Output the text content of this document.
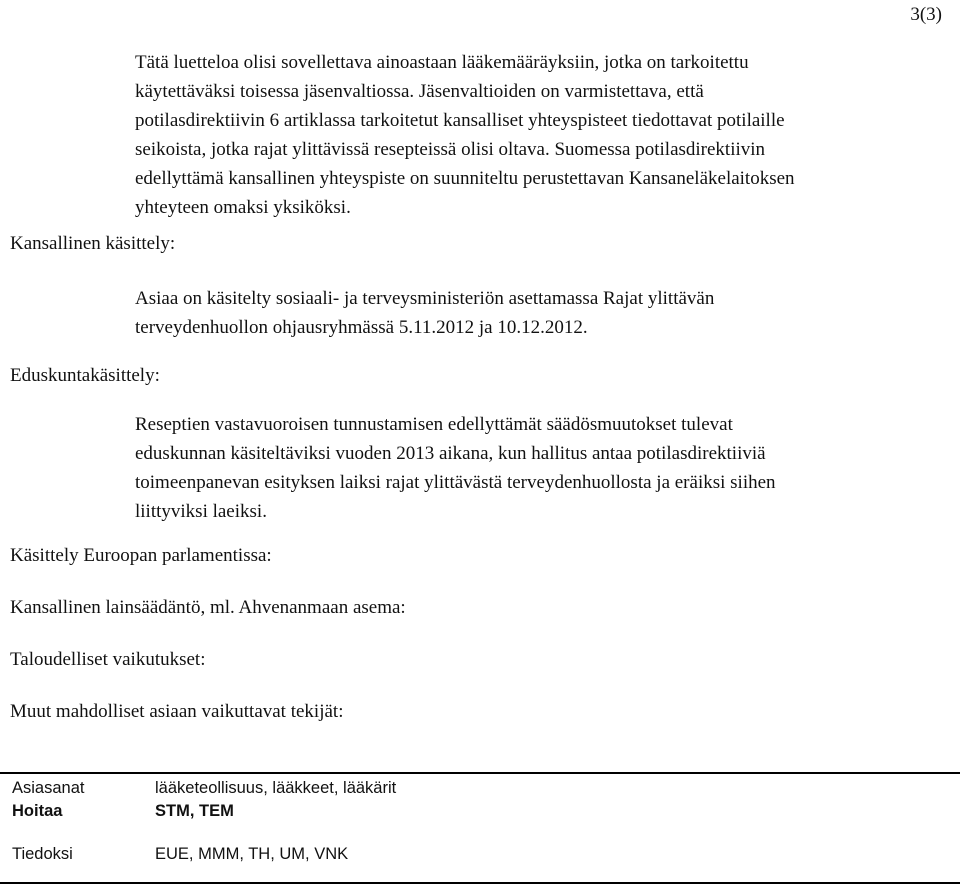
3(3)
Tätä luetteloa olisi sovellettava ainoastaan lääkemääräyksiin, jotka on tarkoitettu
käytettäväksi toisessa jäsenvaltiossa. Jäsenvaltioiden on varmistettava, että
potilasdirektiivin 6 artiklassa tarkoitetut kansalliset yhteyspisteet tiedottavat potilaille
seikoista, jotka rajat ylittävissä resepteissä olisi oltava. Suomessa potilasdirektiivin
edellyttämä kansallinen yhteyspiste on suunniteltu perustettavan Kansaneläkelaitoksen
yhteyteen omaksi yksiköksi.
Kansallinen käsittely:
Asiaa on käsitelty sosiaali- ja terveysministeriön asettamassa Rajat ylittävän
terveydenhuollon ohjausryhmässä 5.11.2012 ja 10.12.2012.
Eduskuntakäsittely:
Reseptien vastavuoroisen tunnustamisen edellyttämät säädösmuutokset tulevat
eduskunnan käsiteltäviksi vuoden 2013 aikana, kun hallitus antaa potilasdirektiiviä
toimeenpanevan esityksen laiksi rajat ylittävästä terveydenhuollosta ja eräiksi siihen
liittyviksi laeiksi.
Käsittely Euroopan parlamentissa:
Kansallinen lainsäädäntö, ml. Ahvenanmaan asema:
Taloudelliset vaikutukset:
Muut mahdolliset asiaan vaikuttavat tekijät:
Asiasanat	lääketeollisuus, lääkkeet, lääkärit
Hoitaa	STM, TEM
Tiedoksi	EUE, MMM, TH, UM, VNK
